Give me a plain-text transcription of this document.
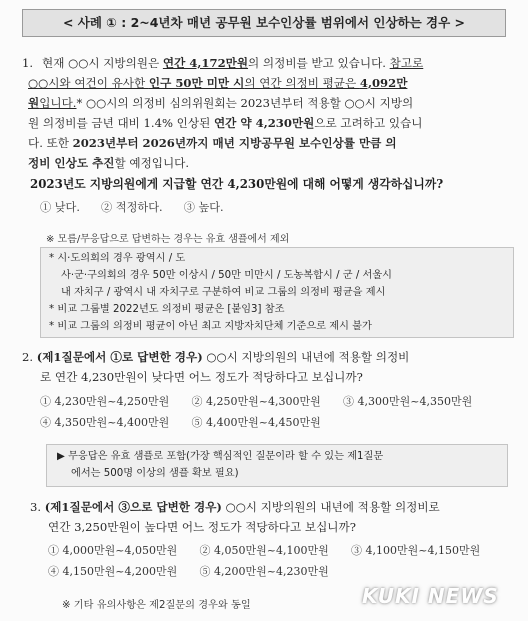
< 사례 ① : 2~4년차 매년 공무원 보수인상률 범위에서 인상하는 경우 >
1. 현재 ○○시 지방의원은 연간 4,172만원의 의정비를 받고 있습니다. 참고로
○○시와 여건이 유사한 인구 50만 미만 시의 연간 의정비 평균은 4,092만
원입니다.* ○○시의 의정비 심의위원회는 2023년부터 적용할 ○○시 지방의
원 의정비를 금년 대비 1.4% 인상된 연간 약 4,230만원으로 고려하고 있습니
다. 또한 2023년부터 2026년까지 매년 지방공무원 보수인상률 만큼 의
정비 인상도 추진할 예정입니다.
2023년도 지방의원에게 지급할 연간 4,230만원에 대해 어떻게 생각하십니까?
① 낮다. ② 적정하다. ③ 높다.
※ 모름/무응답으로 답변하는 경우는 유효 샘플에서 제외
* 시·도의회의 경우 광역시 / 도
사·군·구의회의 경우 50만 이상시 / 50만 미만시 / 도농복합시 / 군 / 서울시
내 자치구 / 광역시 내 자치구로 구분하여 비교 그룹의 의정비 평균을 제시
* 비교 그룹별 2022년도 의정비 평균은 [붙임3] 참조
* 비교 그룹의 의정비 평균이 아닌 최고 지방자치단체 기준으로 제시 불가
2. (제1질문에서 ①로 답변한 경우) ○○시 지방의원의 내년에 적용할 의정비
로 연간 4,230만원이 낮다면 어느 정도가 적당하다고 보십니까?
① 4,230만원~4,250만원 ② 4,250만원~4,300만원 ③ 4,300만원~4,350만원
④ 4,350만원~4,400만원 ⑤ 4,400만원~4,450만원
▶ 무응답은 유효 샘플로 포함(가장 핵심적인 질문이라 할 수 있는 제1질문
에서는 500명 이상의 샘플 확보 필요)
3. (제1질문에서 ③으로 답변한 경우) ○○시 지방의원의 내년에 적용할 의정비로
연간 3,250만원이 높다면 어느 정도가 적당하다고 보십니까?
① 4,000만원~4,050만원 ② 4,050만원~4,100만원 ③ 4,100만원~4,150만원
④ 4,150만원~4,200만원 ⑤ 4,200만원~4,230만원
※ 기타 유의사항은 제2질문의 경우와 동일	KUKI NEWS
